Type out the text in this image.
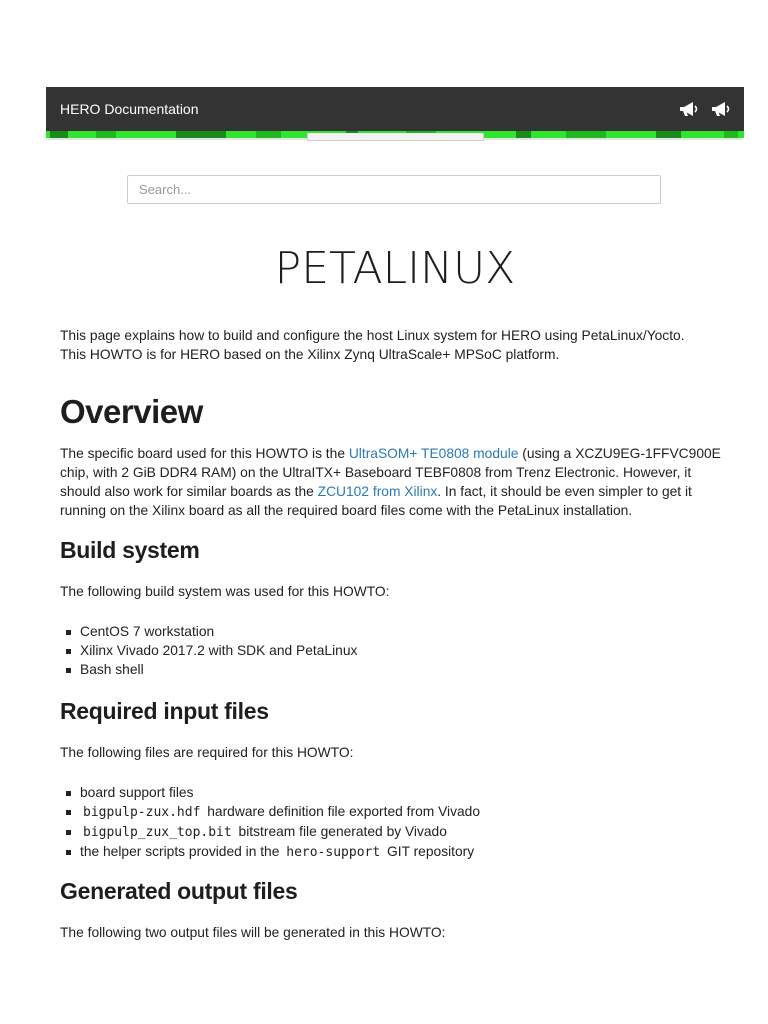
HERO Documentation
Search...
PETALINUX

This page explains how to build and configure the host Linux system for HERO using PetaLinux/Yocto.
This HOWTO is for HERO based on the Xilinx Zynq UltraScale+ MPSoC platform.

Overview

The specific board used for this HOWTO is the UltraSOM+ TE0808 module (using a XCZU9EG-1FFVC900E chip, with 2 GiB DDR4 RAM) on the UltraITX+ Baseboard TEBF0808 from Trenz Electronic. However, it should also work for similar boards as the ZCU102 from Xilinx. In fact, it should be even simpler to get it running on the Xilinx board as all the required board files come with the PetaLinux installation.

Build system

The following build system was used for this HOWTO:

CentOS 7 workstation
Xilinx Vivado 2017.2 with SDK and PetaLinux
Bash shell
Required input files

The following files are required for this HOWTO:

board support files
bigpulp-zux.hdf hardware definition file exported from Vivado
bigpulp_zux_top.bit bitstream file generated by Vivado
the helper scripts provided in the hero-support GIT repository
Generated output files

The following two output files will be generated in this HOWTO:
